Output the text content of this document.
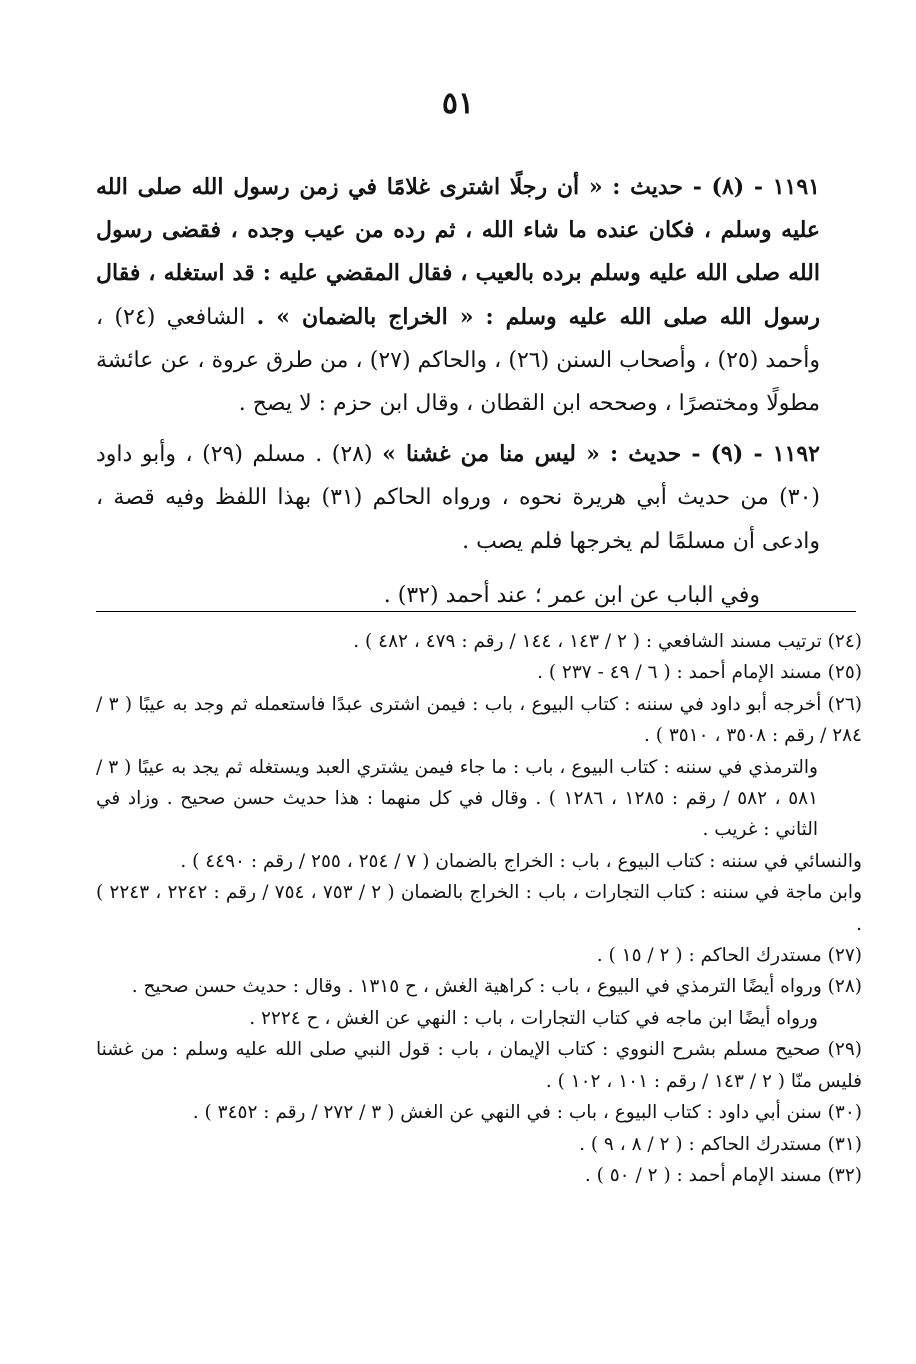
٥١

١١٩١ - (٨) - حديث : « أن رجلًا اشترى غلامًا في زمن رسول الله صلى الله عليه وسلم ، فكان عنده ما شاء الله ، ثم رده من عيب وجده ، فقضى رسول الله صلى الله عليه وسلم برده بالعيب ، فقال المقضي عليه : قد استغله ، فقال رسول الله صلى الله عليه وسلم : « الخراج بالضمان » . الشافعي (٢٤) ، وأحمد (٢٥) ، وأصحاب السنن (٢٦) ، والحاكم (٢٧) ، من طرق عروة ، عن عائشة مطولًا ومختصرًا ، وصححه ابن القطان ، وقال ابن حزم : لا يصح .

١١٩٢ - (٩) - حديث : « ليس منا من غشنا » (٢٨) . مسلم (٢٩) ، وأبو داود (٣٠) من حديث أبي هريرة نحوه ، ورواه الحاكم (٣١) بهذا اللفظ وفيه قصة ، وادعى أن مسلمًا لم يخرجها فلم يصب .

وفي الباب عن ابن عمر ؛ عند أحمد (٣٢) .

(٢٤) ترتيب مسند الشافعي : ( ٢ / ١٤٣ ، ١٤٤ / رقم : ٤٧٩ ، ٤٨٢ ) .

(٢٥) مسند الإمام أحمد : ( ٦ / ٤٩ - ٢٣٧ ) .

(٢٦) أخرجه أبو داود في سننه : كتاب البيوع ، باب : فيمن اشترى عبدًا فاستعمله ثم وجد به عيبًا ( ٣ / ٢٨٤ / رقم : ٣٥٠٨ ، ٣٥١٠ ) .

والترمذي في سننه : كتاب البيوع ، باب : ما جاء فيمن يشتري العبد ويستغله ثم يجد به عيبًا ( ٣ / ٥٨١ ، ٥٨٢ / رقم : ١٢٨٥ ، ١٢٨٦ ) . وقال في كل منهما : هذا حديث حسن صحيح . وزاد في الثاني : غريب .

والنسائي في سننه : كتاب البيوع ، باب : الخراج بالضمان ( ٧ / ٢٥٤ ، ٢٥٥ / رقم : ٤٤٩٠ ) .

وابن ماجة في سننه : كتاب التجارات ، باب : الخراج بالضمان ( ٢ / ٧٥٣ ، ٧٥٤ / رقم : ٢٢٤٢ ، ٢٢٤٣ ) .

(٢٧) مستدرك الحاكم : ( ٢ / ١٥ ) .

(٢٨) ورواه أيضًا الترمذي في البيوع ، باب : كراهية الغش ، ح ١٣١٥ . وقال : حديث حسن صحيح .

ورواه أيضًا ابن ماجه في كتاب التجارات ، باب : النهي عن الغش ، ح ٢٢٢٤ .

(٢٩) صحيح مسلم بشرح النووي : كتاب الإيمان ، باب : قول النبي صلى الله عليه وسلم : من غشنا فليس منّا ( ٢ / ١٤٣ / رقم : ١٠١ ، ١٠٢ ) .

(٣٠) سنن أبي داود : كتاب البيوع ، باب : في النهي عن الغش ( ٣ / ٢٧٢ / رقم : ٣٤٥٢ ) .

(٣١) مستدرك الحاكم : ( ٢ / ٨ ، ٩ ) .

(٣٢) مسند الإمام أحمد : ( ٢ / ٥٠ ) .
